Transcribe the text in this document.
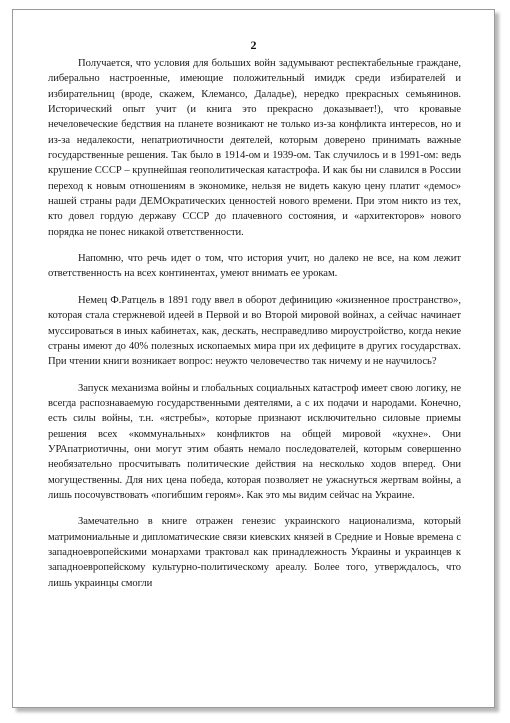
2

Получается, что условия для больших войн задумывают респектабельные граждане, либерально настроенные, имеющие положительный имидж среди избирателей и избирательниц (вроде, скажем, Клемансо, Даладье), нередко прекрасных семьянинов. Исторический опыт учит (и книга это прекрасно доказывает!), что кровавые нечеловеческие бедствия на планете возникают не только из-за конфликта интересов, но и из-за недалекости, непатриотичности деятелей, которым доверено принимать важные государственные решения. Так было в 1914-ом и 1939-ом. Так случилось и в 1991-ом: ведь крушение СССР – крупнейшая геополитическая катастрофа. И как бы ни славился в России переход к новым отношениям в экономике, нельзя не видеть какую цену платит «демос» нашей страны ради ДЕМОкратических ценностей нового времени. При этом никто из тех, кто довел гордую державу СССР до плачевного состояния, и «архитекторов» нового порядка не понес никакой ответственности.

Напомню, что речь идет о том, что история учит, но далеко не все, на ком лежит ответственность на всех континентах, умеют внимать ее урокам.

Немец Ф.Ратцель в 1891 году ввел в оборот дефиницию «жизненное пространство», которая стала стержневой идеей в Первой и во Второй мировой войнах, а сейчас начинает муссироваться в иных кабинетах, как, дескать, несправедливо мироустройство, когда некие страны имеют до 40% полезных ископаемых мира при их дефиците в других государствах. При чтении книги возникает вопрос: неужто человечество так ничему и не научилось?

Запуск механизма войны и глобальных социальных катастроф имеет свою логику, не всегда распознаваемую государственными деятелями, а с их подачи и народами. Конечно, есть силы войны, т.н. «ястребы», которые признают исключительно силовые приемы решения всех «коммунальных» конфликтов на общей мировой «кухне». Они УРАпатриотичны, они могут этим обаять немало последователей, которым совершенно необязательно просчитывать политические действия на несколько ходов вперед. Они могущественны. Для них цена победа, которая позволяет не ужаснуться жертвам войны, а лишь посочувствовать «погибшим героям». Как это мы видим сейчас на Украине.

Замечательно в книге отражен генезис украинского национализма, который матримониальные и дипломатические связи киевских князей в Средние и Новые времена с западноевропейскими монархами трактовал как принадлежность Украины и украинцев к западноевропейскому культурно-политическому ареалу. Более того, утверждалось, что лишь украинцы смогли
